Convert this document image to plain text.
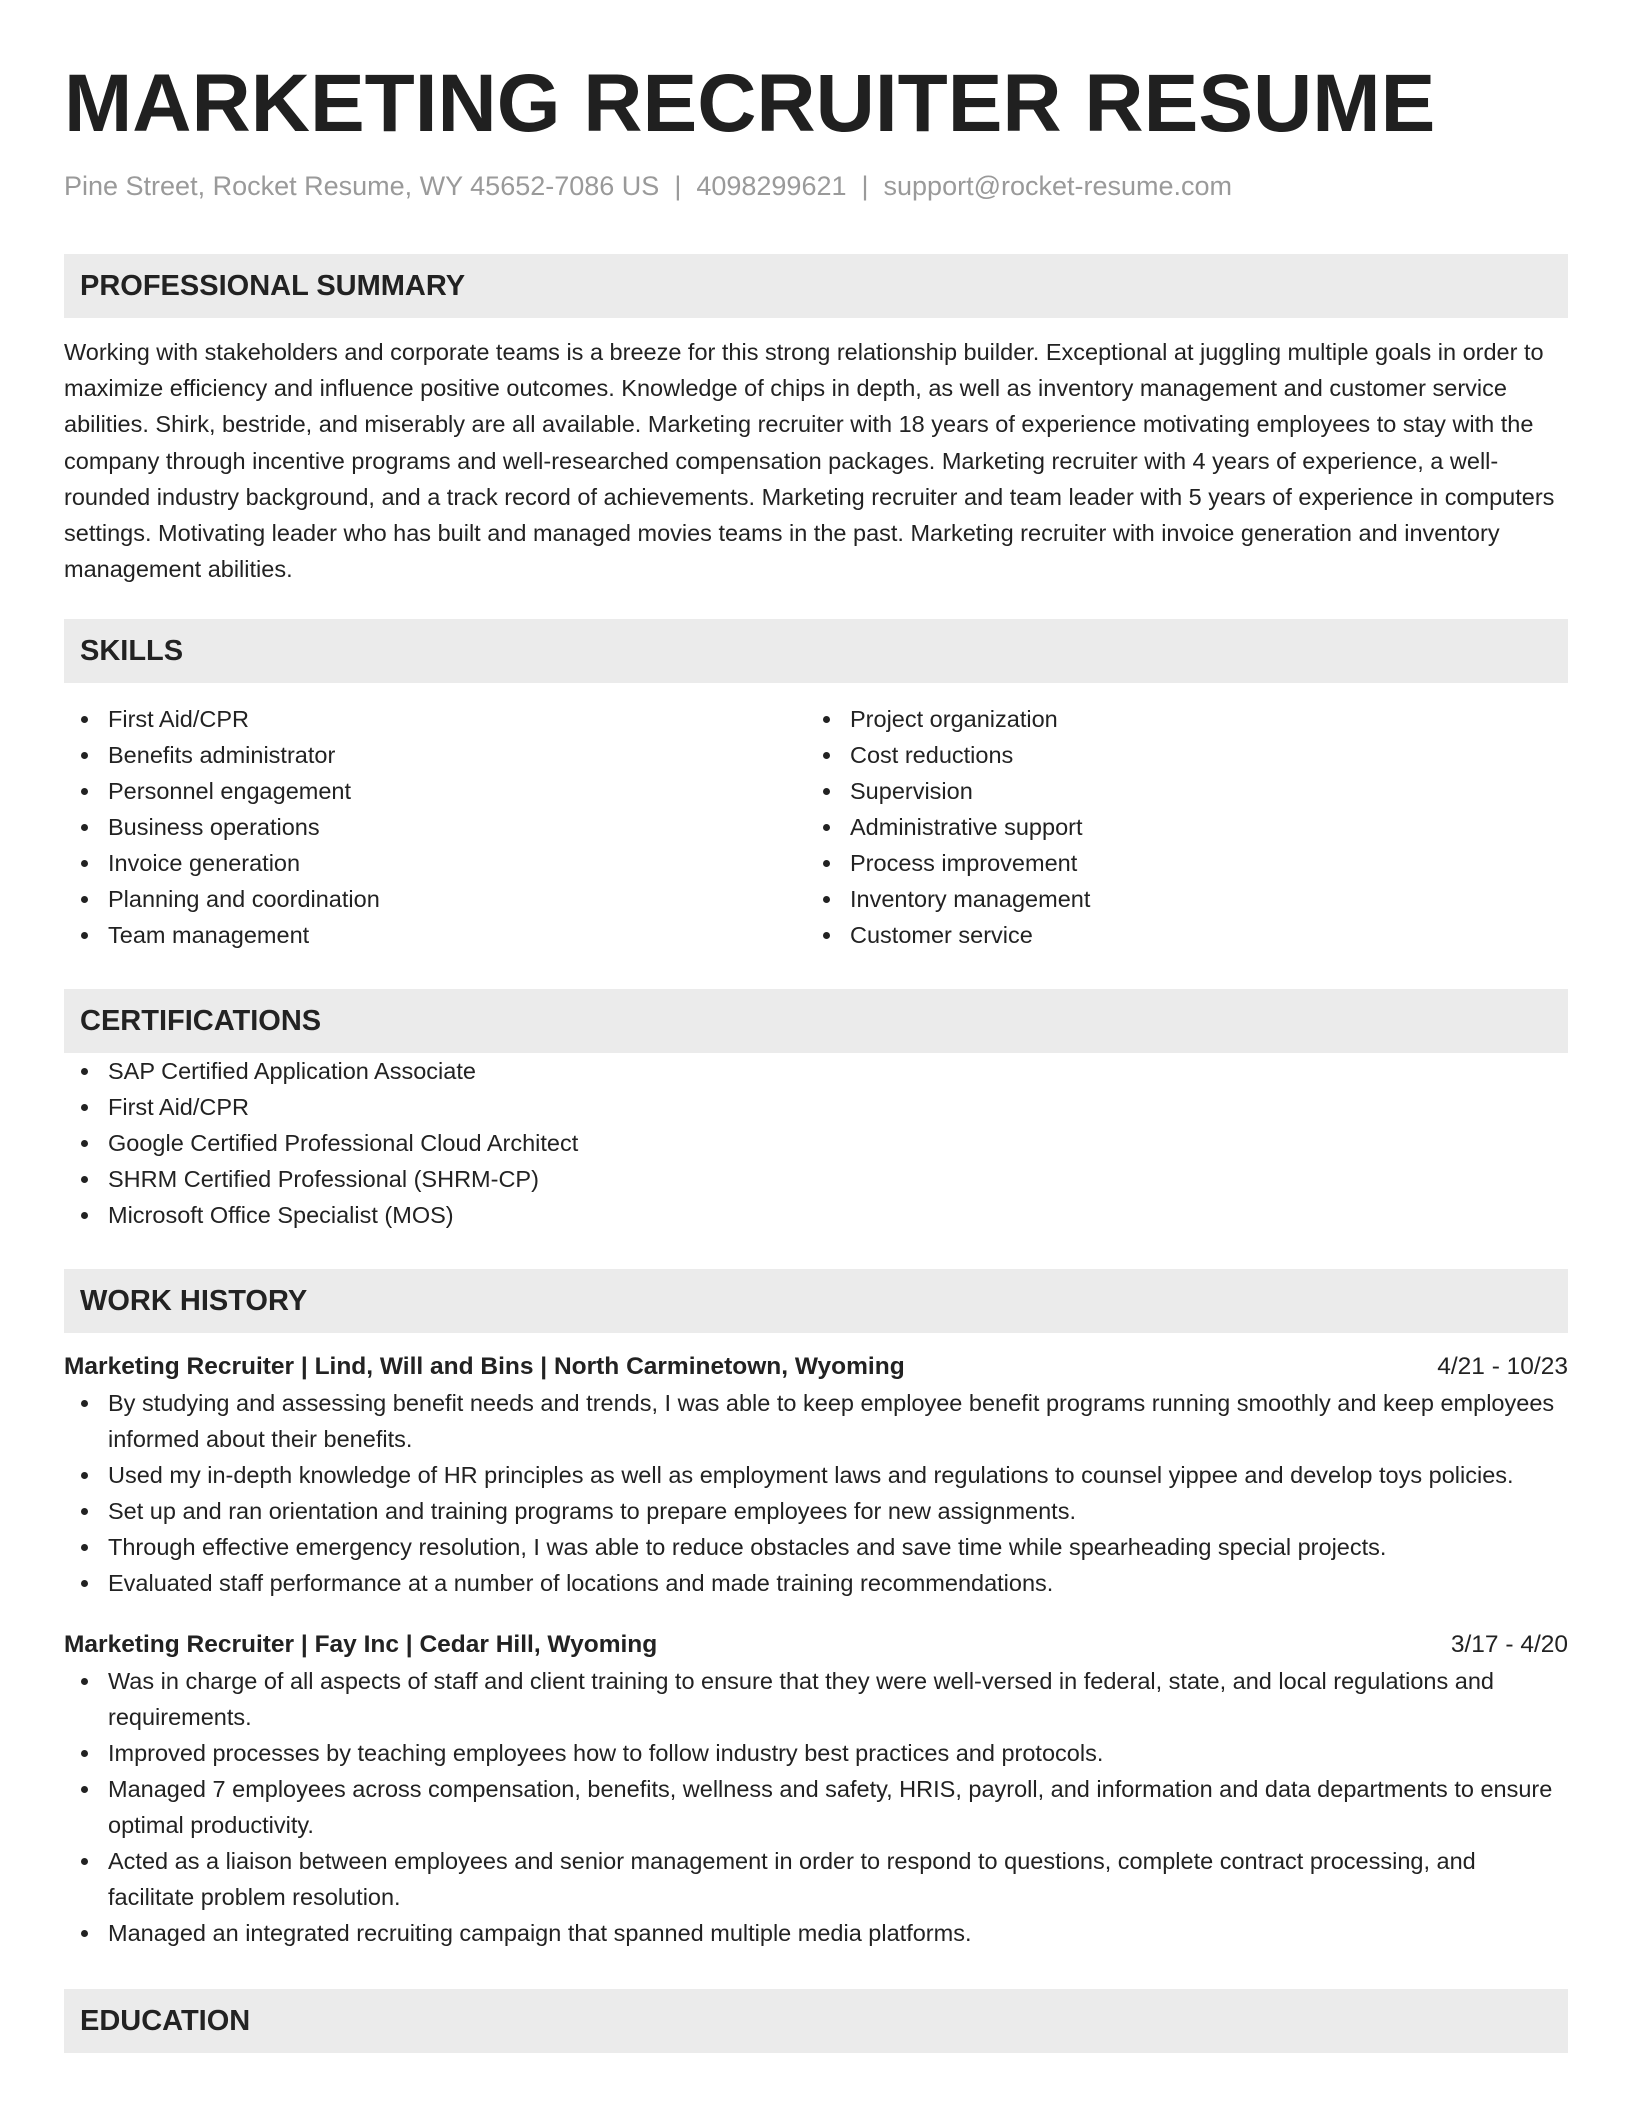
MARKETING RECRUITER RESUME
Pine Street, Rocket Resume, WY 45652-7086 US | 4098299621 | support@rocket-resume.com
PROFESSIONAL SUMMARY

Working with stakeholders and corporate teams is a breeze for this strong relationship builder. Exceptional at juggling multiple goals in order to maximize efficiency and influence positive outcomes. Knowledge of chips in depth, as well as inventory management and customer service abilities. Shirk, bestride, and miserably are all available. Marketing recruiter with 18 years of experience motivating employees to stay with the company through incentive programs and well-researched compensation packages. Marketing recruiter with 4 years of experience, a well-rounded industry background, and a track record of achievements. Marketing recruiter and team leader with 5 years of experience in computers settings. Motivating leader who has built and managed movies teams in the past. Marketing recruiter with invoice generation and inventory management abilities.

SKILLS
First Aid/CPR
Benefits administrator
Personnel engagement
Business operations
Invoice generation
Planning and coordination
Team management
Project organization
Cost reductions
Supervision
Administrative support
Process improvement
Inventory management
Customer service
CERTIFICATIONS
SAP Certified Application Associate
First Aid/CPR
Google Certified Professional Cloud Architect
SHRM Certified Professional (SHRM-CP)
Microsoft Office Specialist (MOS)
WORK HISTORY
Marketing Recruiter | Lind, Will and Bins | North Carminetown, Wyoming	4/21 - 10/23
By studying and assessing benefit needs and trends, I was able to keep employee benefit programs running smoothly and keep employees informed about their benefits.
Used my in-depth knowledge of HR principles as well as employment laws and regulations to counsel yippee and develop toys policies.
Set up and ran orientation and training programs to prepare employees for new assignments.
Through effective emergency resolution, I was able to reduce obstacles and save time while spearheading special projects.
Evaluated staff performance at a number of locations and made training recommendations.
Marketing Recruiter | Fay Inc | Cedar Hill, Wyoming	3/17 - 4/20
Was in charge of all aspects of staff and client training to ensure that they were well-versed in federal, state, and local regulations and requirements.
Improved processes by teaching employees how to follow industry best practices and protocols.
Managed 7 employees across compensation, benefits, wellness and safety, HRIS, payroll, and information and data departments to ensure optimal productivity.
Acted as a liaison between employees and senior management in order to respond to questions, complete contract processing, and facilitate problem resolution.
Managed an integrated recruiting campaign that spanned multiple media platforms.
EDUCATION
